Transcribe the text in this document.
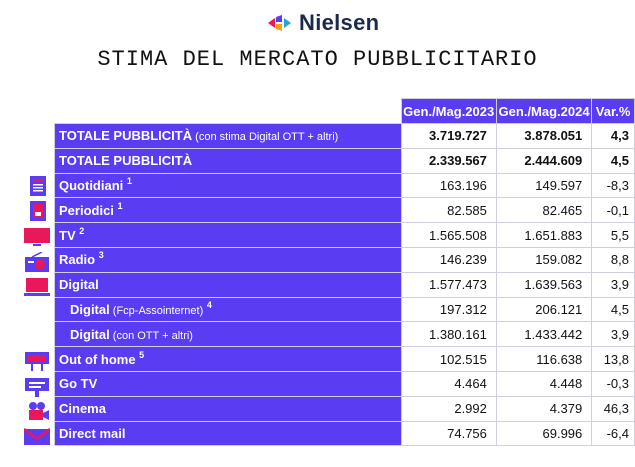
Nielsen
STIMA DEL MERCATO PUBBLICITARIO
	Gen./Mag.2023	Gen./Mag.2024	Var.%
TOTALE PUBBLICITÀ (con stima Digital OTT + altri)	3.719.727	3.878.051	4,3
TOTALE PUBBLICITÀ	2.339.567	2.444.609	4,5
Quotidiani $^1$	163.196	149.597	-8,3
Periodici $^1$	82.585	82.465	-0,1
TV $^2$	1.565.508	1.651.883	5,5
Radio $^3$	146.239	159.082	8,8
Digital	1.577.473	1.639.563	3,9
Digital (Fcp-Assointernet) $^4$	197.312	206.121	4,5
Digital (con OTT + altri)	1.380.161	1.433.442	3,9
Out of home $^5$	102.515	116.638	13,8
Go TV	4.464	4.448	-0,3
Cinema	2.992	4.379	46,3
Direct mail	74.756	69.996	-6,4
